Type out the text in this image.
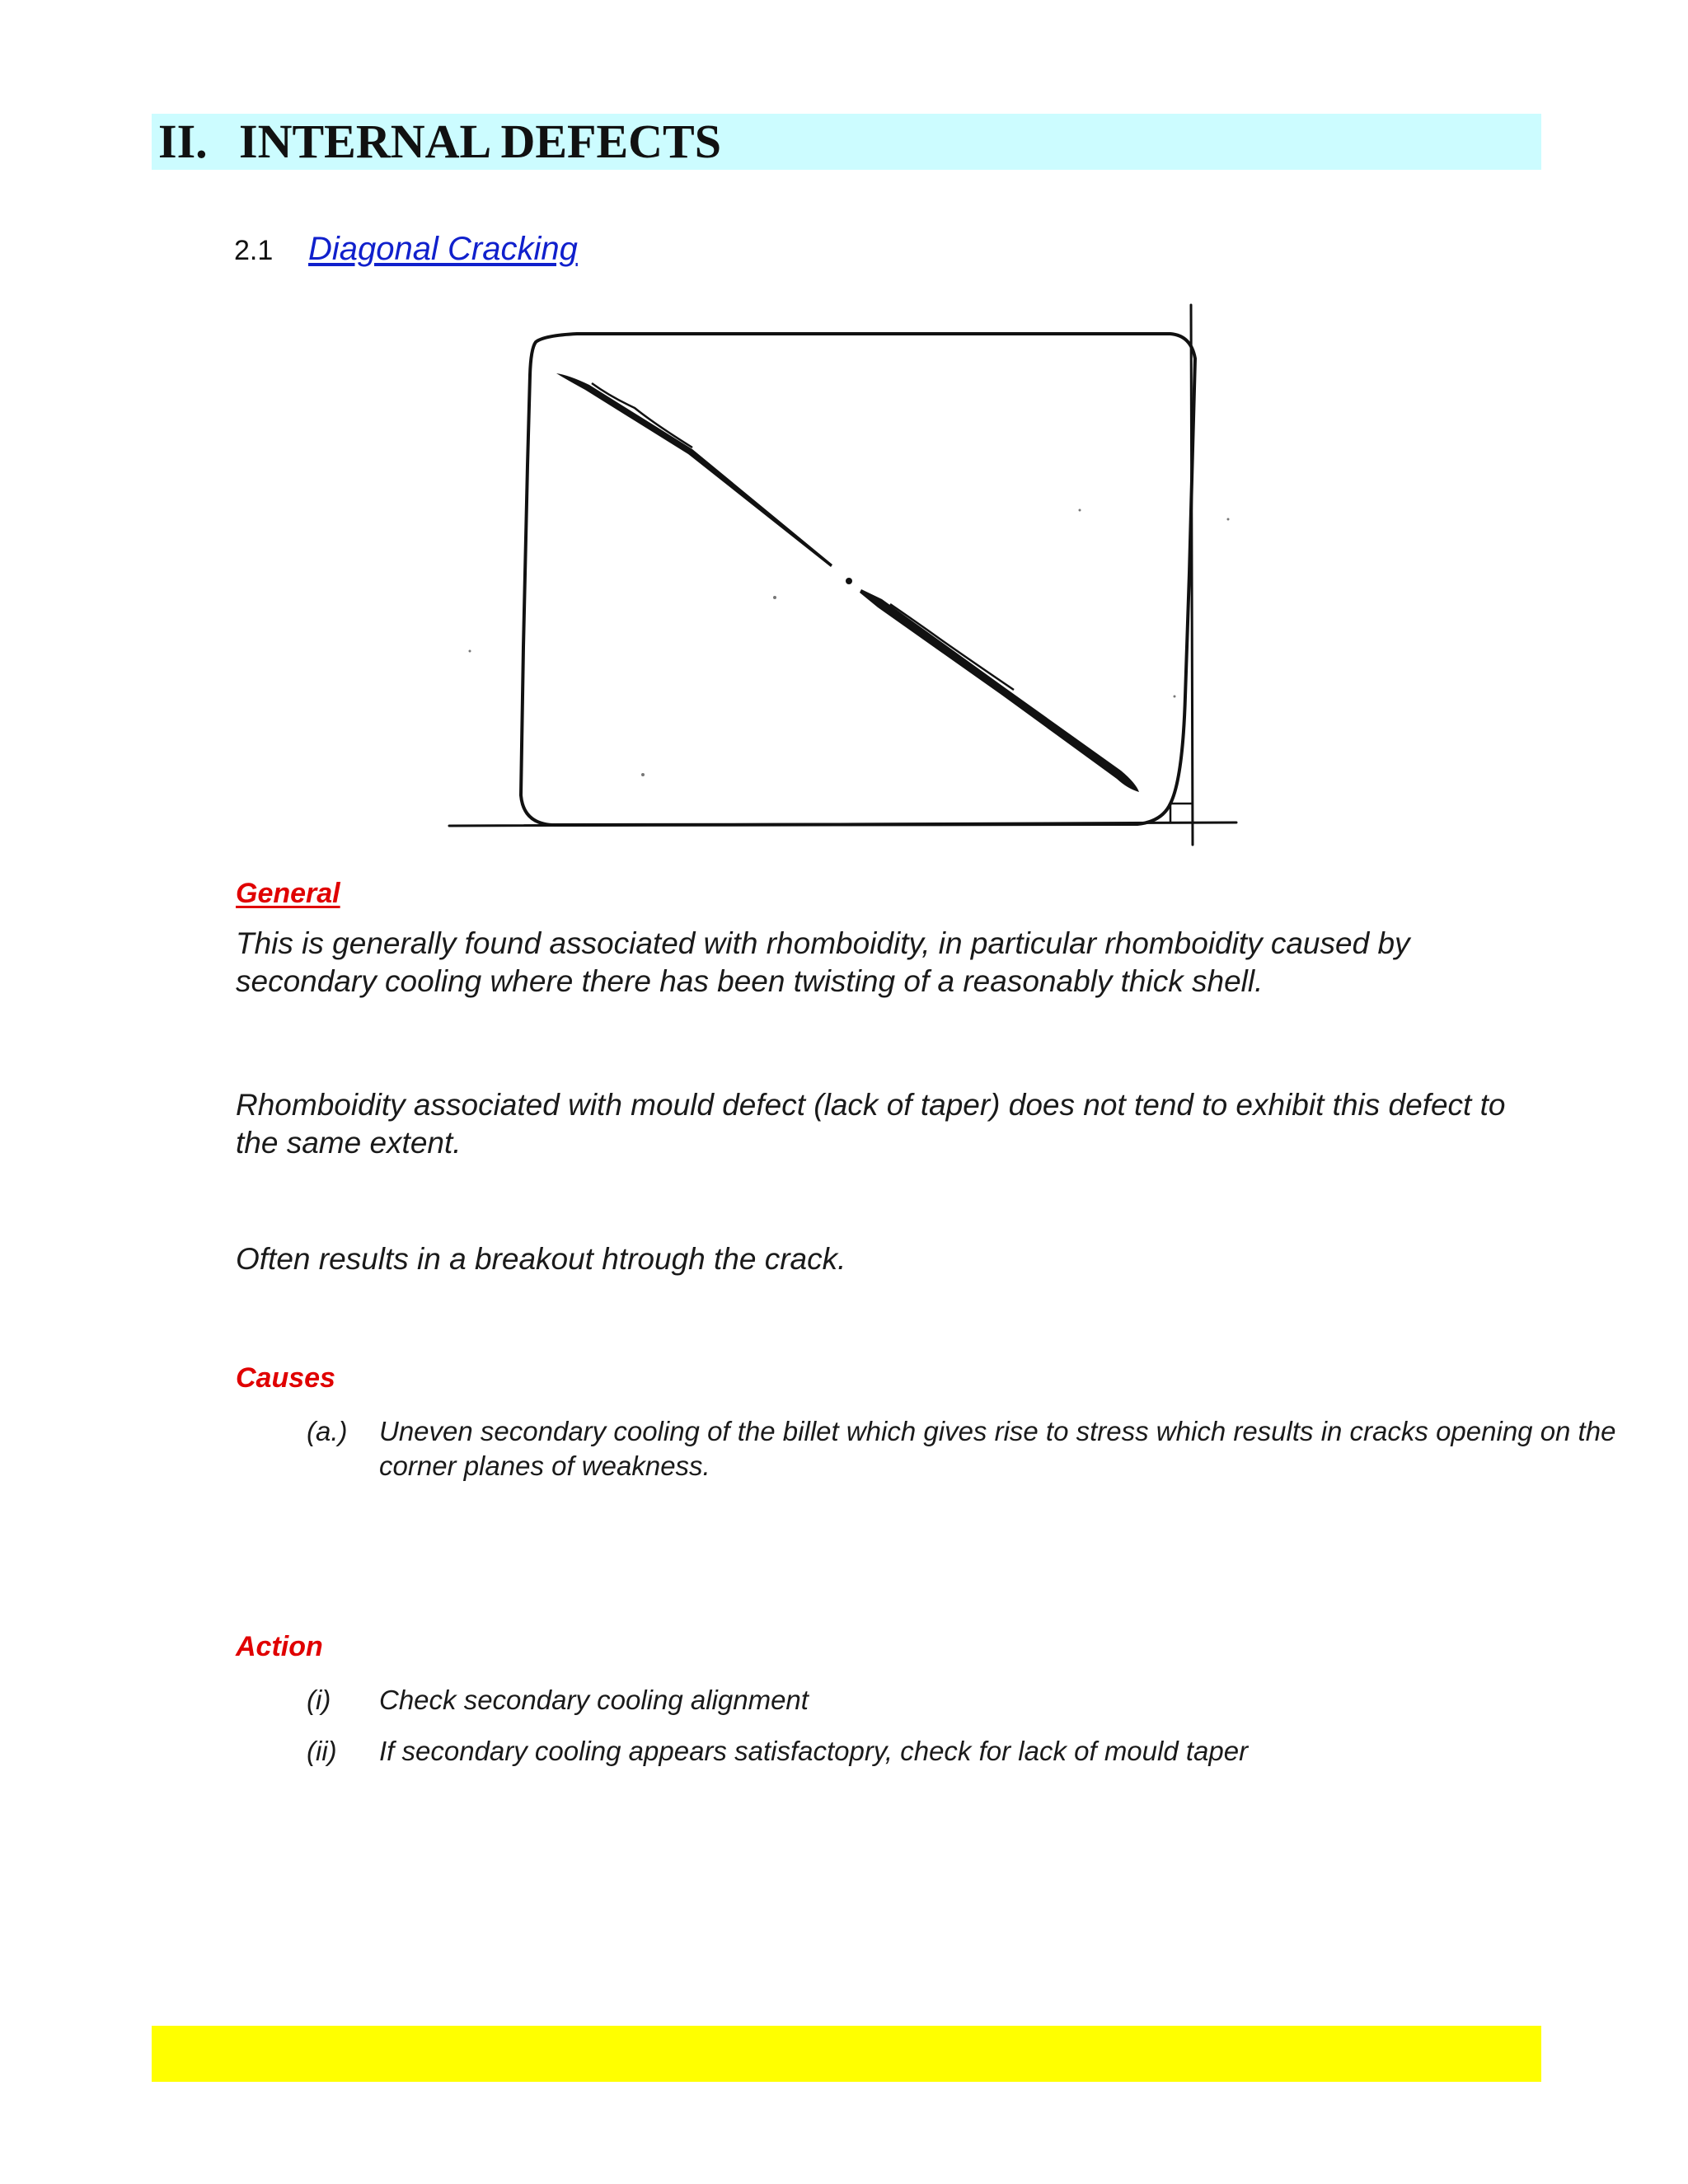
II. INTERNAL DEFECTS
2.1 Diagonal Cracking
General
This is generally found associated with rhomboidity, in particular rhomboidity caused by secondary cooling where there has been twisting of a reasonably thick shell.
Rhomboidity associated with mould defect (lack of taper) does not tend to exhibit this defect to the same extent.
Often results in a breakout htrough the crack.
Causes
(a.) Uneven secondary cooling of the billet which gives rise to stress which results in cracks opening on the corner planes of weakness.
Action
(i) Check secondary cooling alignment
(ii) If secondary cooling appears satisfactopry, check for lack of mould taper
